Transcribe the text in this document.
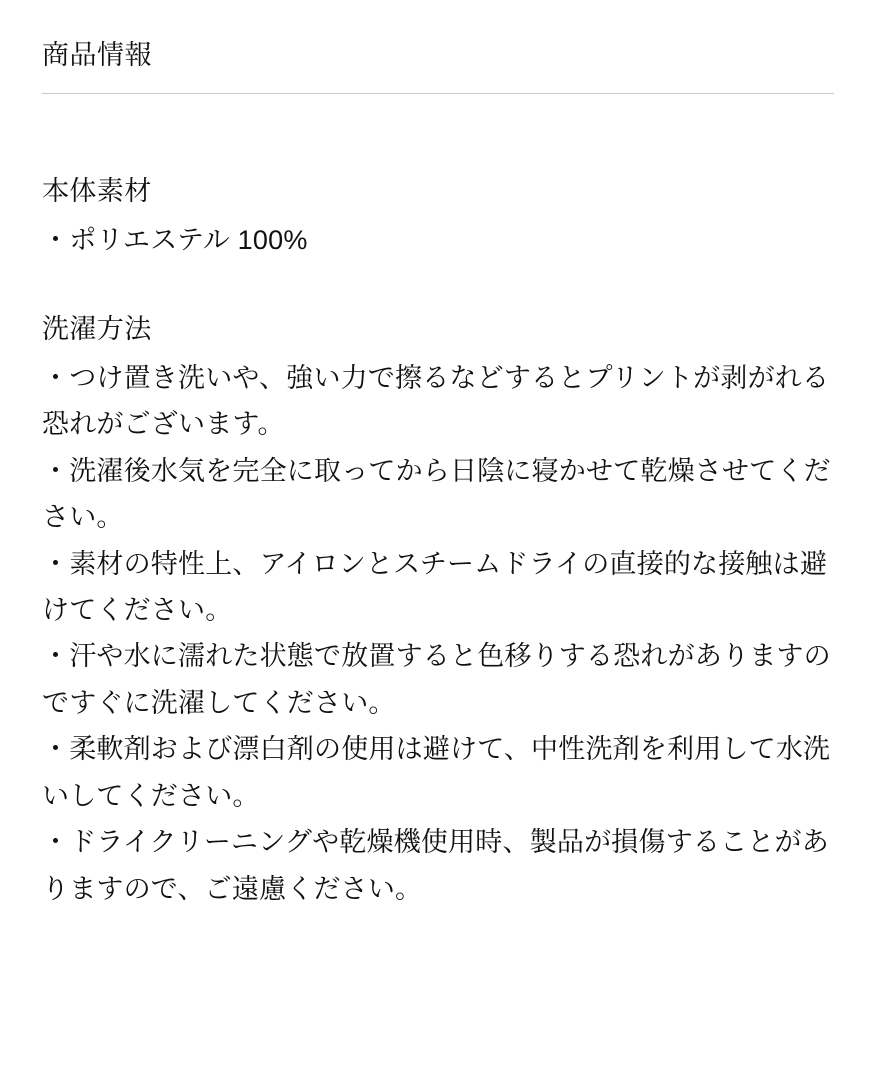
商品情報
本体素材

・ポリエステル 100%

洗濯方法

・つけ置き洗いや、強い力で擦るなどするとプリントが剥がれる恐れがございます。

・洗濯後水気を完全に取ってから日陰に寝かせて乾燥させてください。

・素材の特性上、アイロンとスチームドライの直接的な接触は避けてください。

・汗や水に濡れた状態で放置すると色移りする恐れがありますのですぐに洗濯してください。

・柔軟剤および漂白剤の使用は避けて、中性洗剤を利用して水洗いしてください。

・ドライクリーニングや乾燥機使用時、製品が損傷することがありますので、ご遠慮ください。
